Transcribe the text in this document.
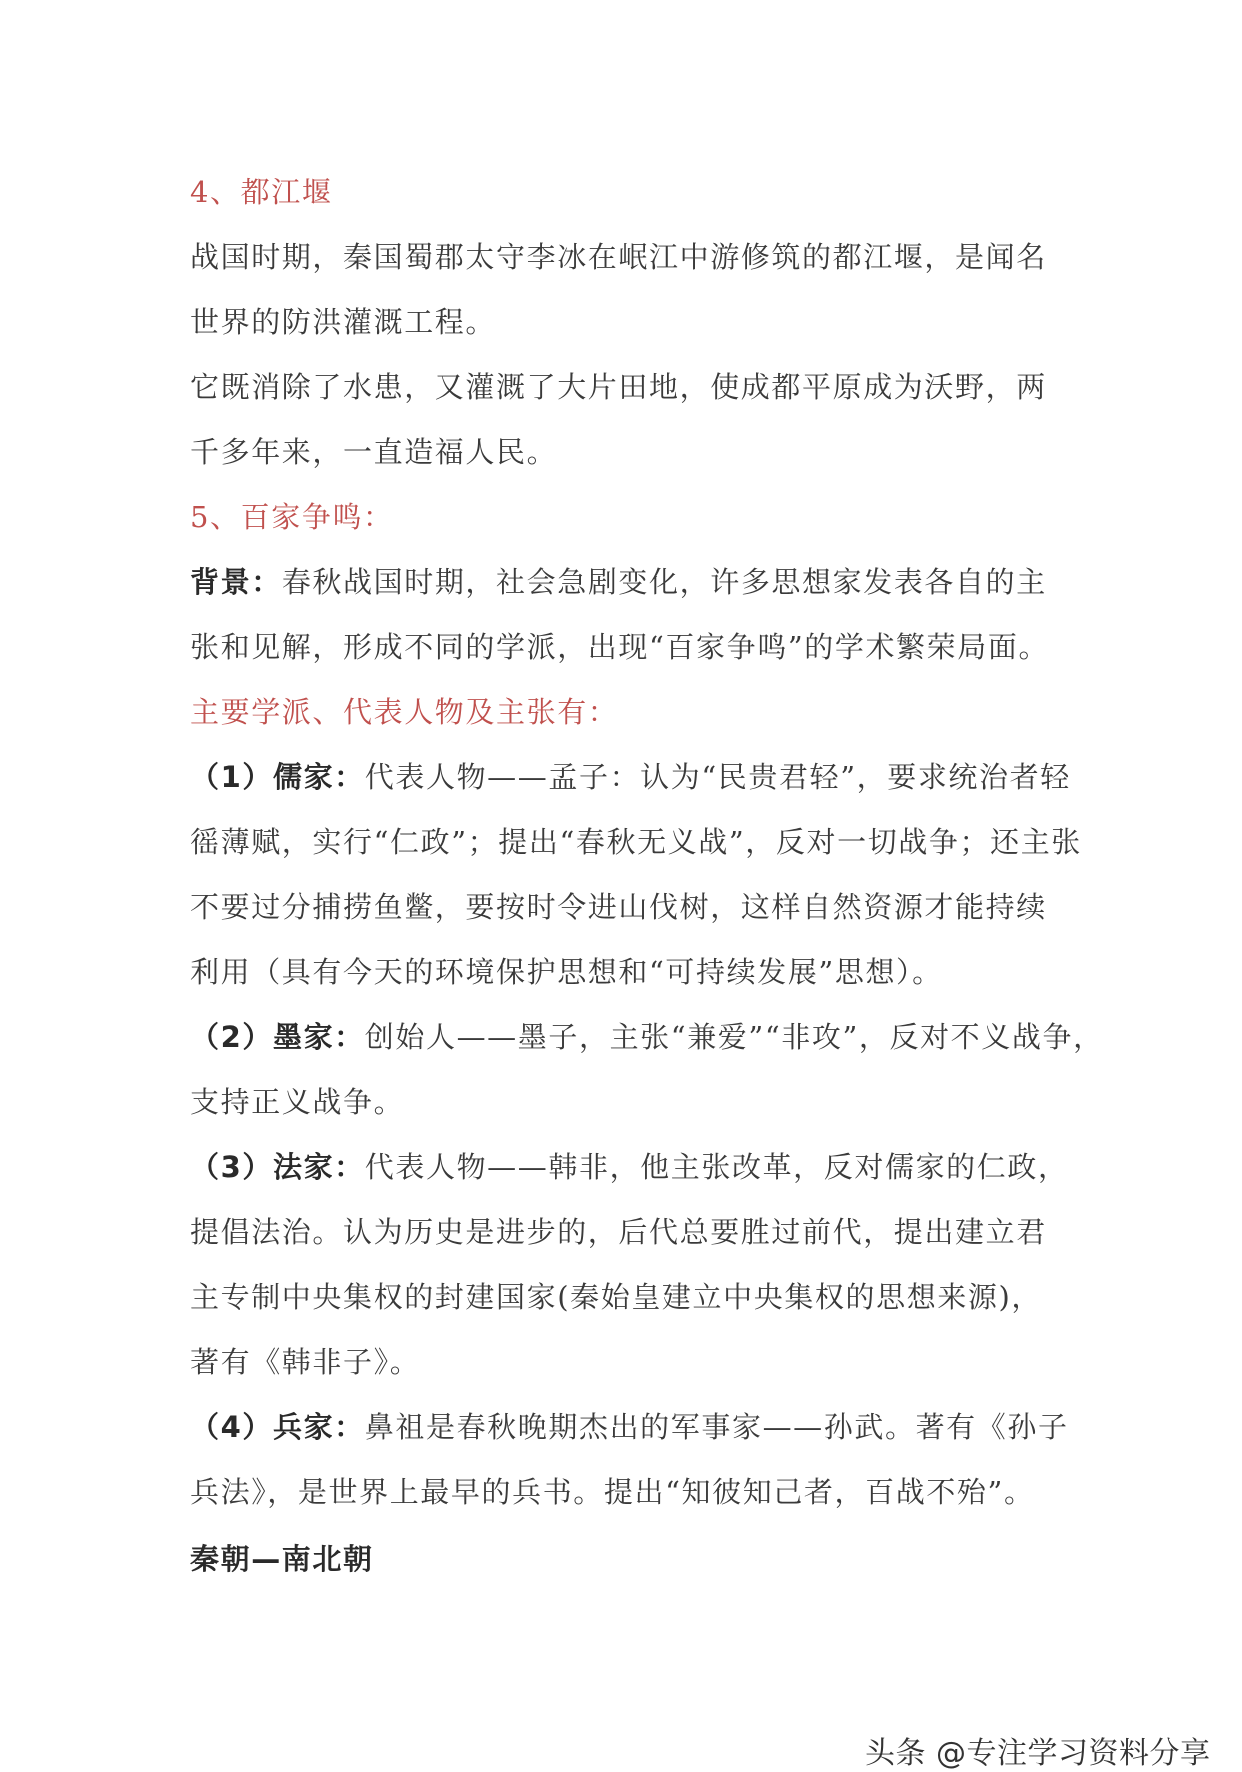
4、都江堰
战国时期，秦国蜀郡太守李冰在岷江中游修筑的都江堰，是闻名
世界的防洪灌溉工程。
它既消除了水患，又灌溉了大片田地，使成都平原成为沃野，两
千多年来，一直造福人民。
5、百家争鸣：
背景：春秋战国时期，社会急剧变化，许多思想家发表各自的主
张和见解，形成不同的学派，出现“百家争鸣”的学术繁荣局面。
主要学派、代表人物及主张有：
（1）儒家：代表人物——孟子：认为“民贵君轻”，要求统治者轻
徭薄赋，实行“仁政”；提出“春秋无义战”，反对一切战争；还主张
不要过分捕捞鱼鳖，要按时令进山伐树，这样自然资源才能持续
利用（具有今天的环境保护思想和“可持续发展”思想）。
（2）墨家：创始人——墨子，主张“兼爱”“非攻”，反对不义战争，
支持正义战争。
（3）法家：代表人物——韩非，他主张改革，反对儒家的仁政，
提倡法治。认为历史是进步的，后代总要胜过前代，提出建立君
主专制中央集权的封建国家(秦始皇建立中央集权的思想来源)，
著有《韩非子》。
（4）兵家：鼻祖是春秋晚期杰出的军事家——孙武。著有《孙子
兵法》，是世界上最早的兵书。提出“知彼知己者，百战不殆”。
秦朝—南北朝
头条 @专注学习资料分享
